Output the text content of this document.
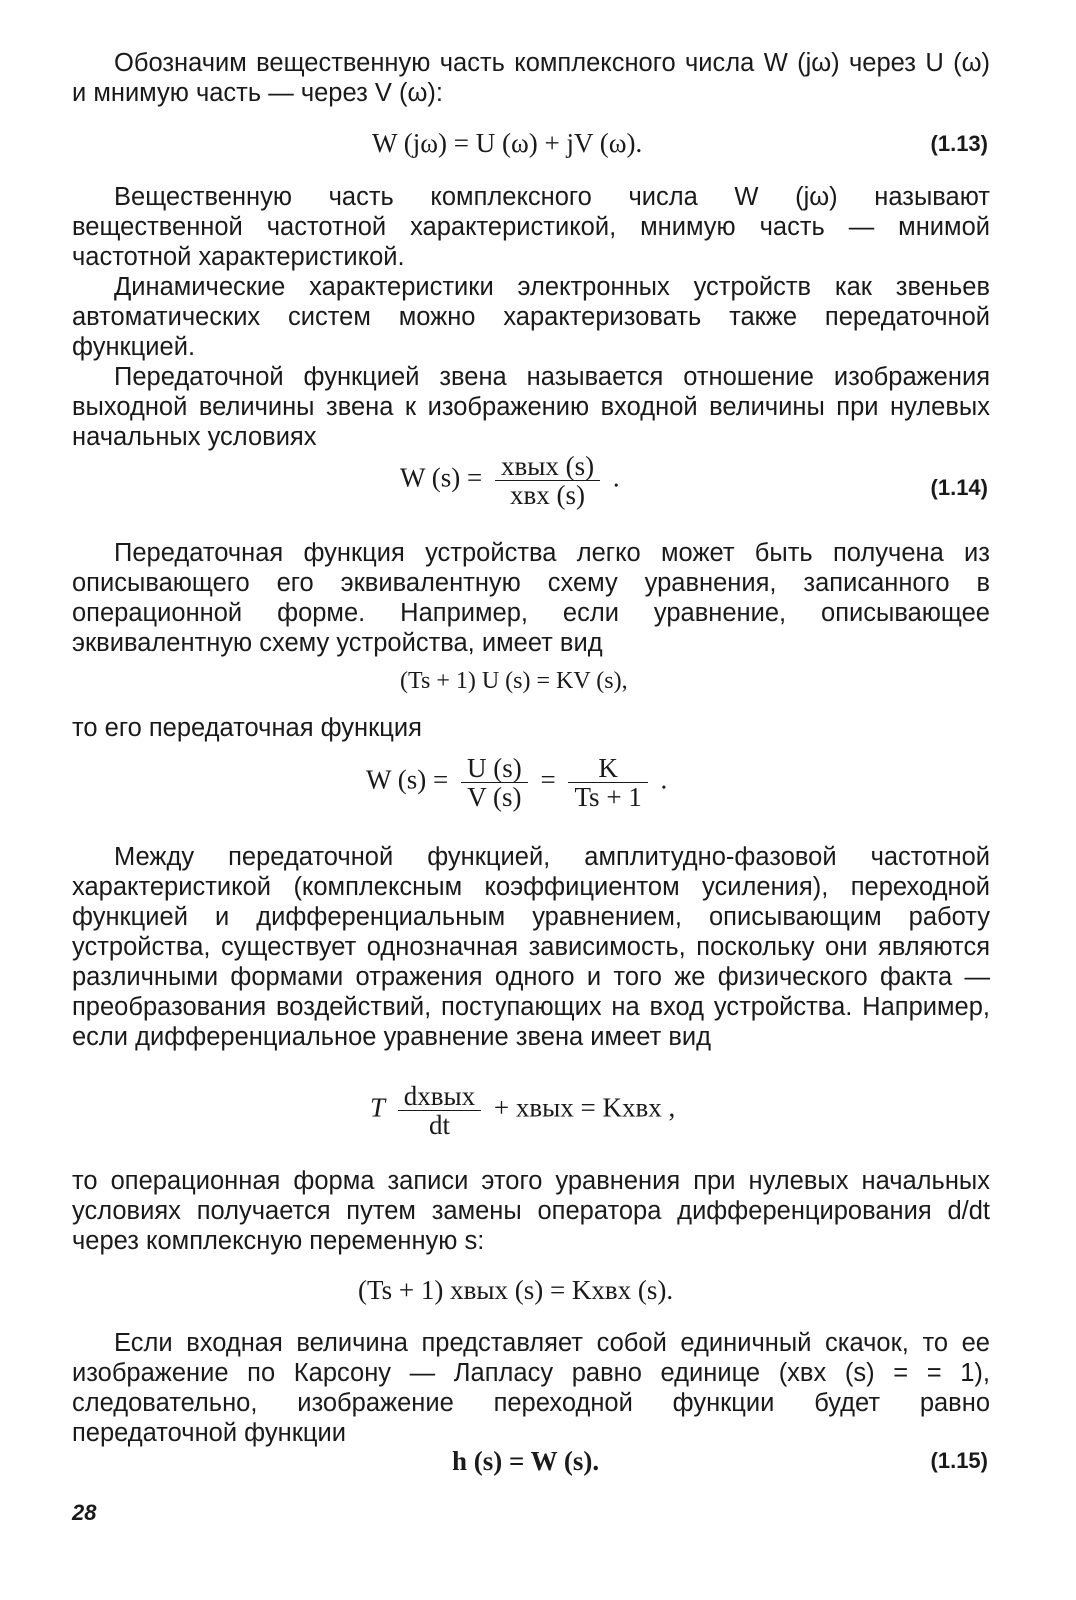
Обозначим вещественную часть комплексного числа W (jω) через U (ω) и мнимую часть — через V (ω):

W (jω) = U (ω) + jV (ω).	(1.13)

Вещественную часть комплексного числа W (jω) называют вещественной частотной характеристикой, мнимую часть — мнимой частотной характеристикой.

Динамические характеристики электронных устройств как звеньев автоматических систем можно характеризовать также передаточной функцией.

Передаточной функцией звена называется отношение изображения выходной величины звена к изображению входной величины при нулевых начальных условиях

W $(s) = \frac{\text{xвых (s)}}{\text{xвх (s)}}$ .	(1.14)

Передаточная функция устройства легко может быть получена из описывающего его эквивалентную схему уравнения, записанного в операционной форме. Например, если уравнение, описывающее эквивалентную схему устройства, имеет вид

(Ts + 1) U (s) = KV (s),

то его передаточная функция

W $(s) = \frac{U (s)}{V (s)} = \frac{K}{Ts + 1}$ .

Между передаточной функцией, амплитудно-фазовой частотной характеристикой (комплексным коэффициентом усиления), переходной функцией и дифференциальным уравнением, описывающим работу устройства, существует однозначная зависимость, поскольку они являются различными формами отражения одного и того же физического факта — преобразования воздействий, поступающих на вход устройства. Например, если дифференциальное уравнение звена имеет вид

T $\frac{\text{dxвых}}{dt}$ + xвых = Kxвх ,

то операционная форма записи этого уравнения при нулевых начальных условиях получается путем замены оператора дифференцирования d/dt через комплексную переменную s:

(Ts + 1) xвых (s) = Kxвх (s).

Если входная величина представляет собой единичный скачок, то ее изображение по Карсону — Лапласу равно единице (xвх (s) = = 1), следовательно, изображение переходной функции будет равно передаточной функции

h (s) = W (s).	(1.15)
28
